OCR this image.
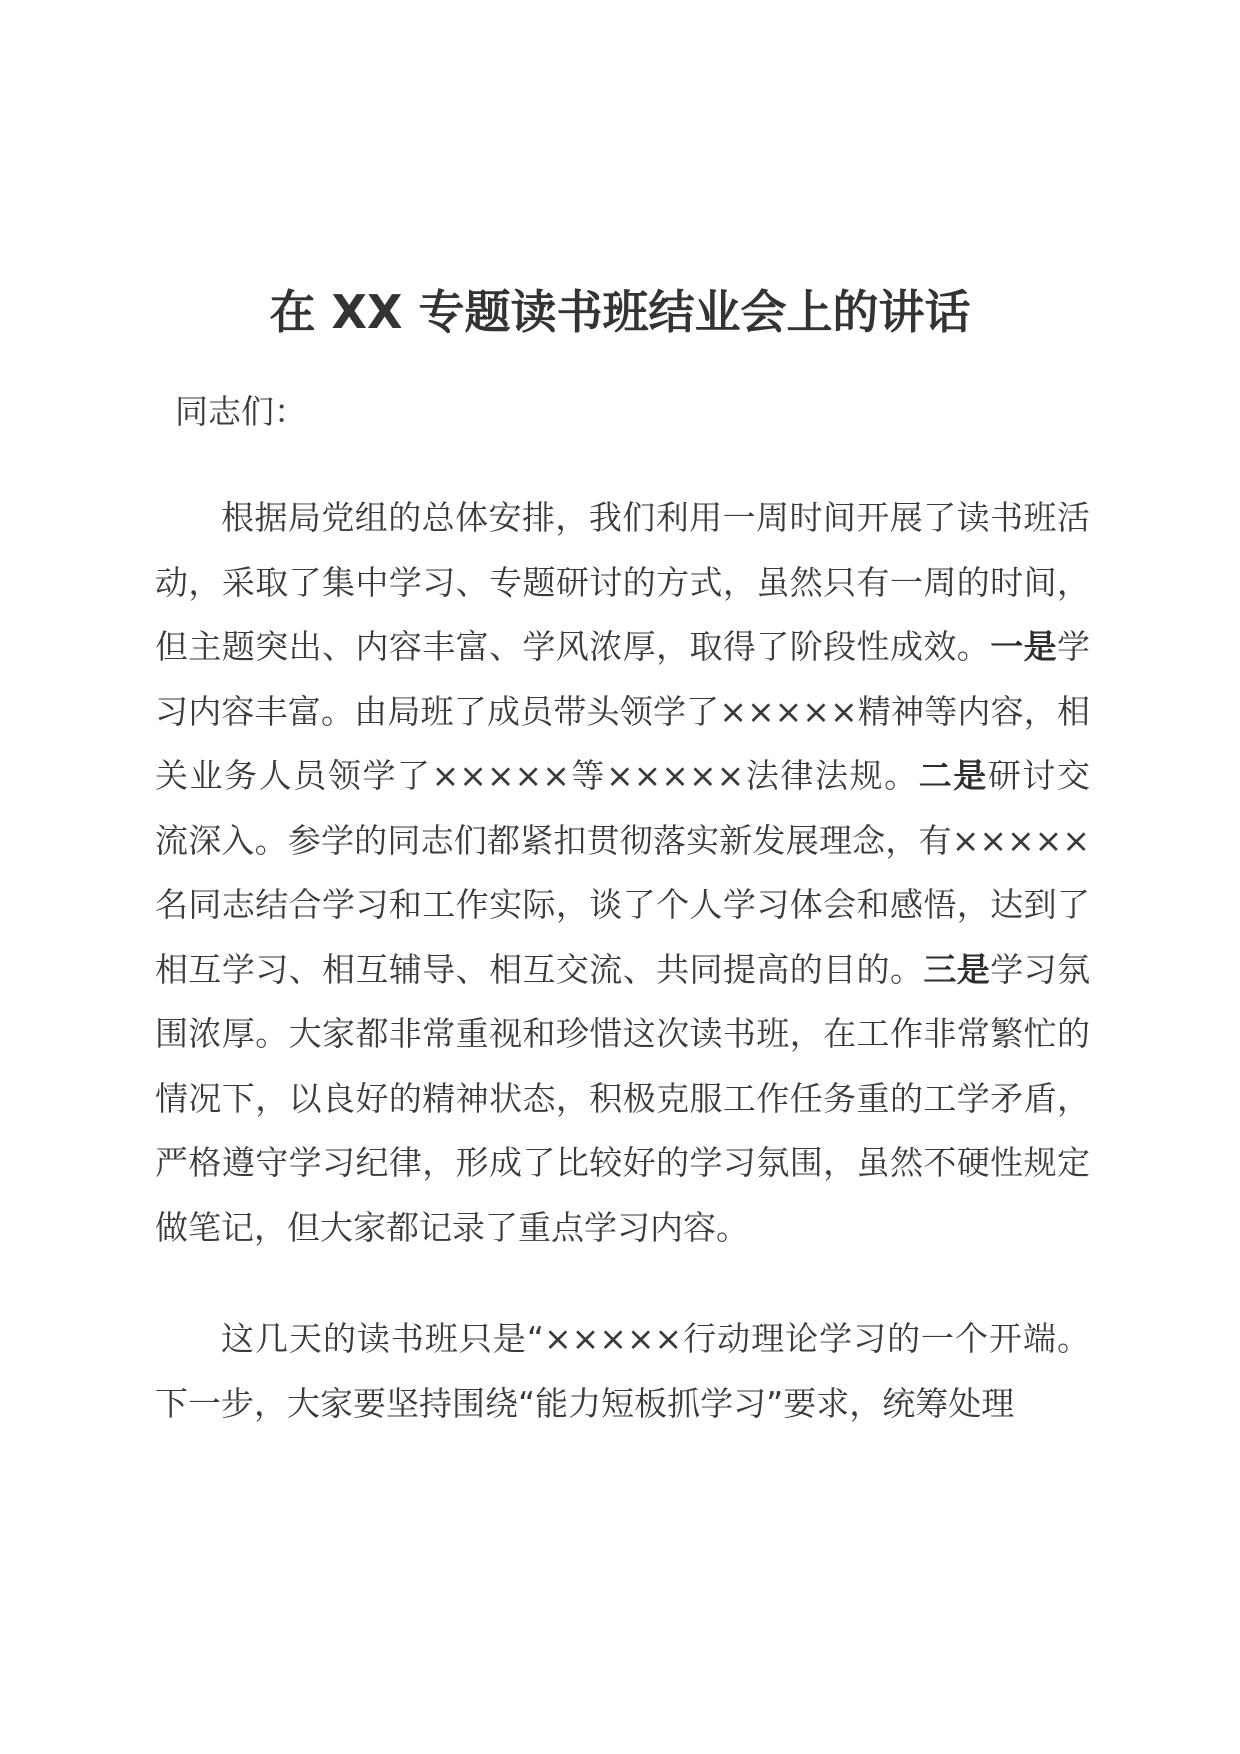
在 XX 专题读书班结业会上的讲话

同志们：

根据局党组的总体安排，我们利用一周时间开展了读书班活动，采取了集中学习、专题研讨的方式，虽然只有一周的时间，但主题突出、内容丰富、学风浓厚，取得了阶段性成效。一是学习内容丰富。由局班了成员带头领学了×××××精神等内容，相关业务人员领学了×××××等×××××法律法规。二是研讨交流深入。参学的同志们都紧扣贯彻落实新发展理念，有×××××名同志结合学习和工作实际，谈了个人学习体会和感悟，达到了相互学习、相互辅导、相互交流、共同提高的目的。三是学习氛围浓厚。大家都非常重视和珍惜这次读书班，在工作非常繁忙的情况下，以良好的精神状态，积极克服工作任务重的工学矛盾，严格遵守学习纪律，形成了比较好的学习氛围，虽然不硬性规定做笔记，但大家都记录了重点学习内容。

这几天的读书班只是“×××××行动理论学习的一个开端。下一步，大家要坚持围绕“能力短板抓学习”要求，统筹处理
